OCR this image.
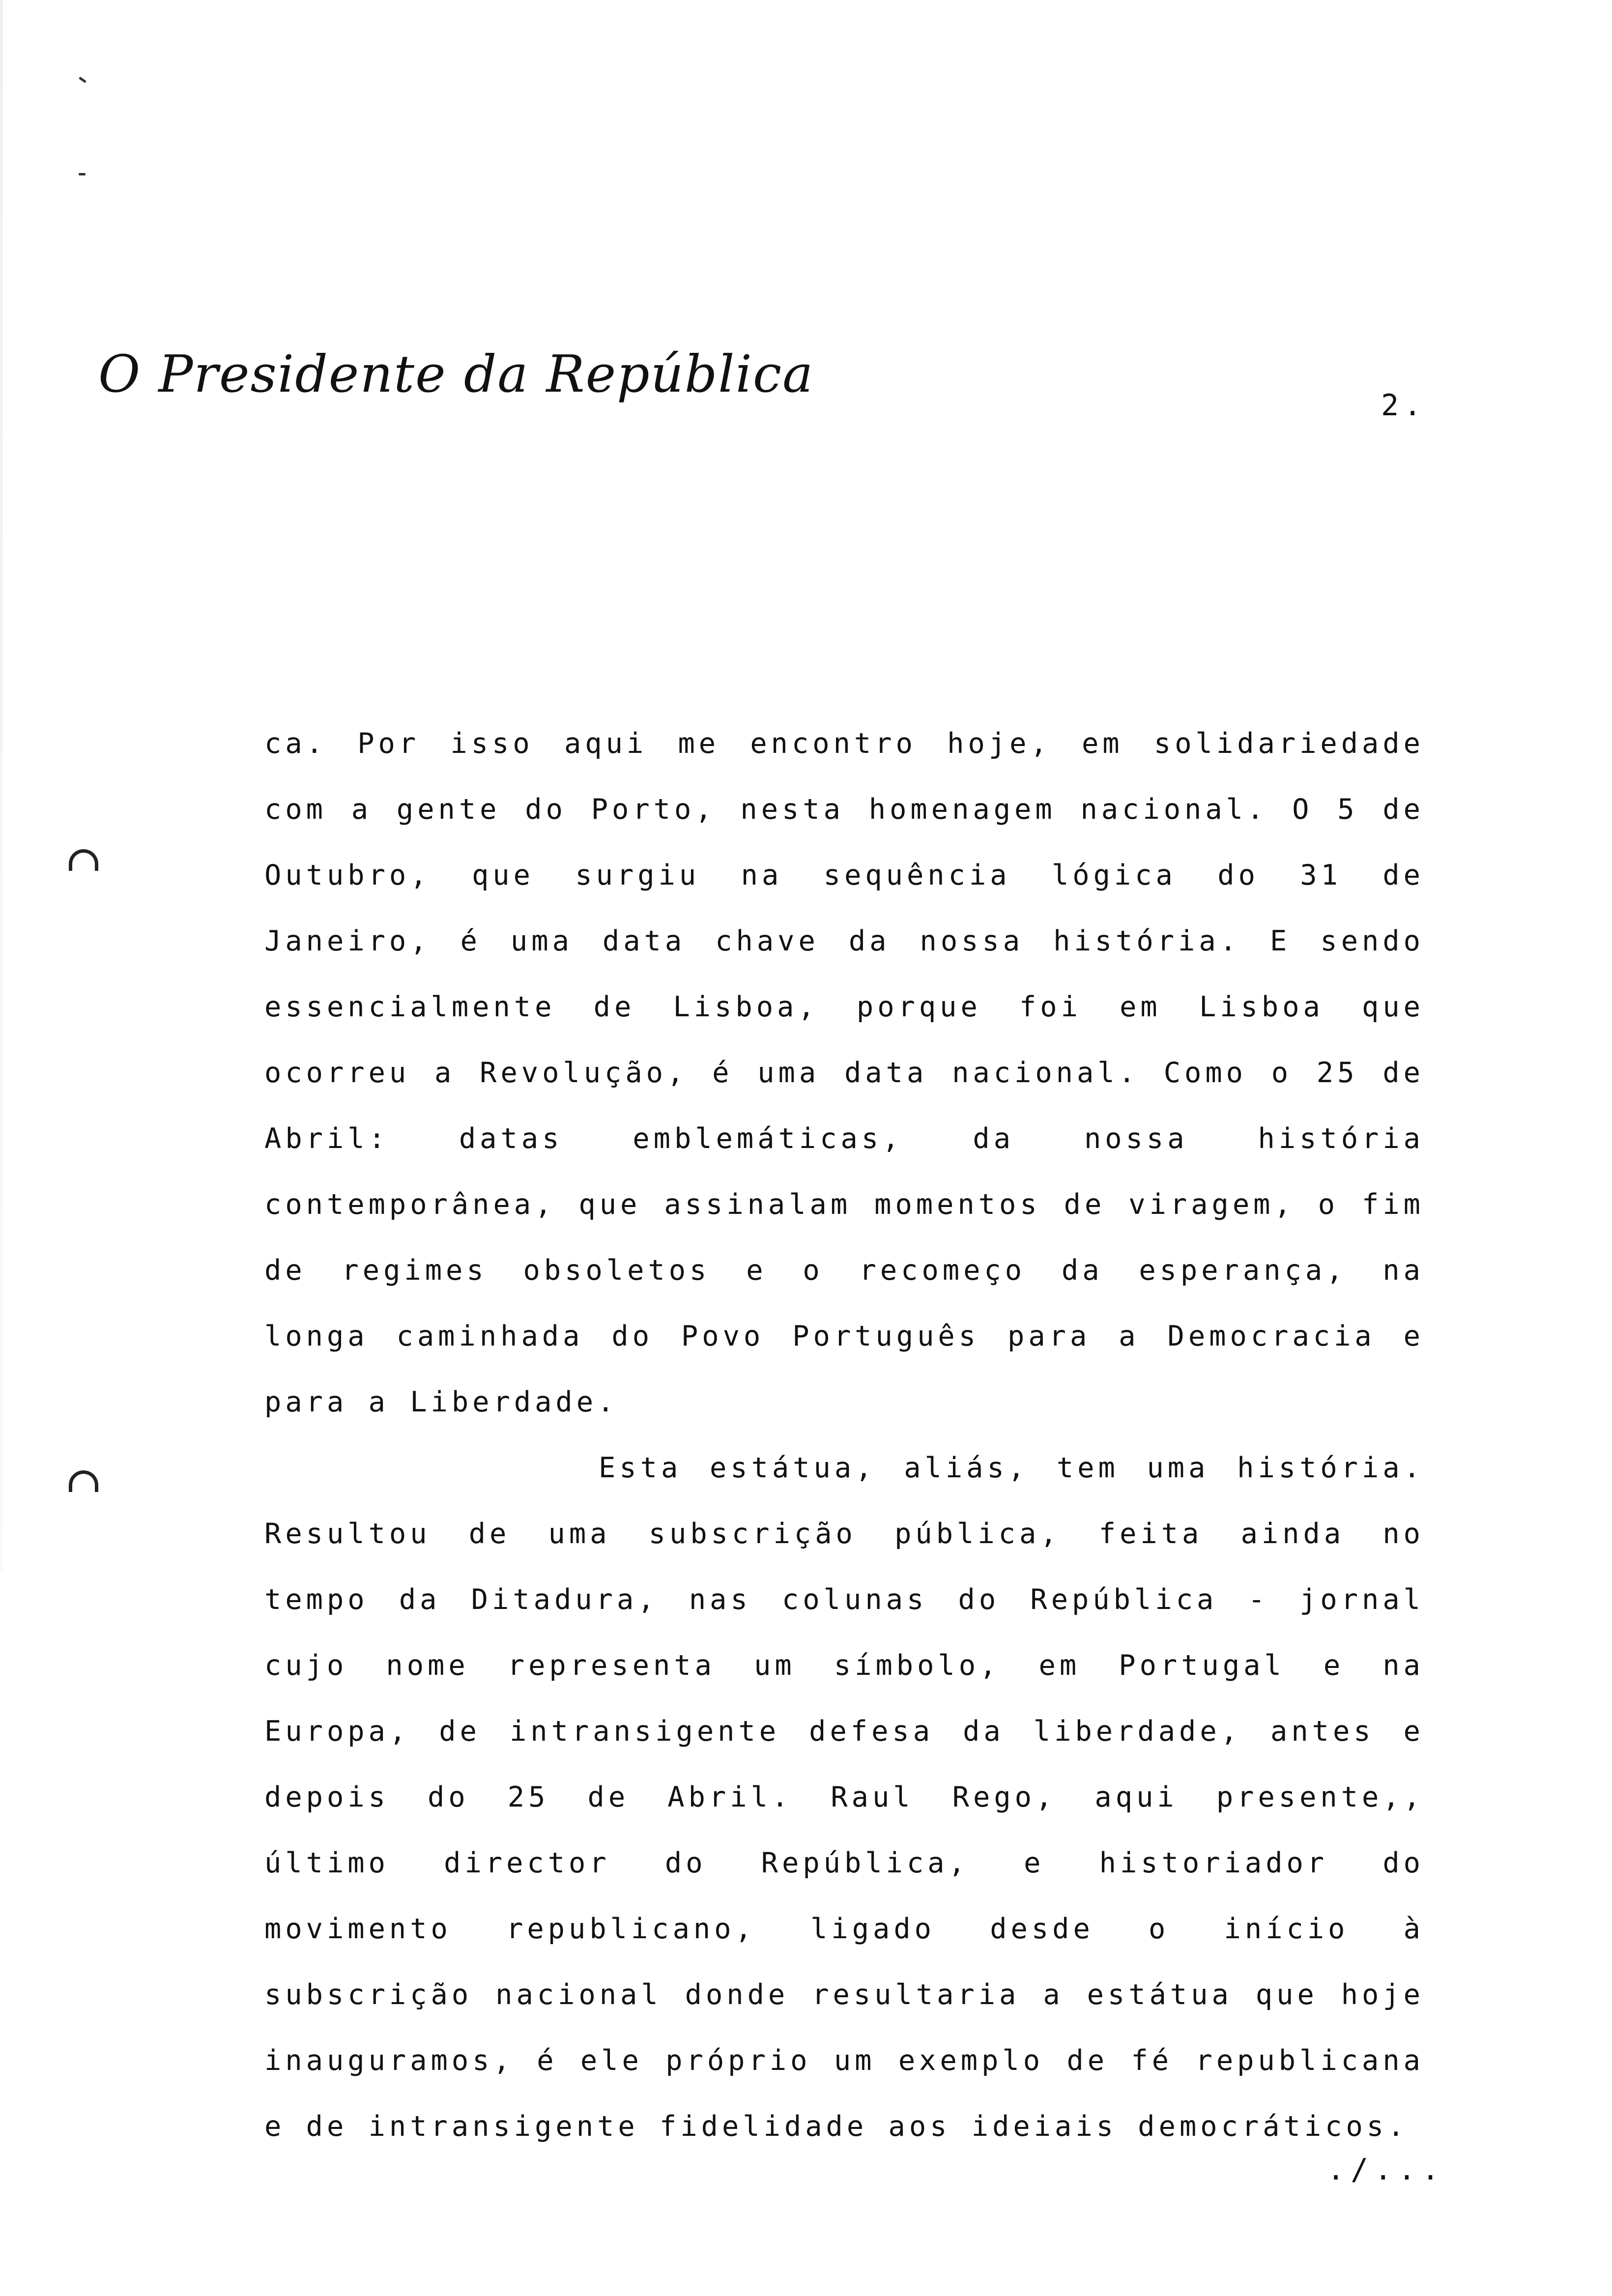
O Presidente da República
2.

ca. Por isso aqui me encontro hoje, em solidariedade com a gente do Porto, nesta homenagem nacional. O 5 de Outubro, que surgiu na sequência lógica do 31 de Janeiro, é uma data chave da nossa história. E sendo essencialmente de Lisboa, porque foi em Lisboa que ocorreu a Revolução, é uma data nacional. Como o 25 de Abril: datas emblemáticas, da nossa história contemporânea, que assinalam momentos de viragem, o fim de regimes obsoletos e o recomeço da esperança, na longa caminhada do Povo Português para a Democracia e para a Liberdade.

Esta estátua, aliás, tem uma história. Resultou de uma subscrição pública, feita ainda no tempo da Ditadura, nas colunas do República - jornal cujo nome representa um símbolo, em Portugal e na Europa, de intransigente defesa da liberdade, antes e depois do 25 de Abril. Raul Rego, aqui presente,, último director do República, e historiador do movimento republicano, ligado desde o início à subscrição nacional donde resultaria a estátua que hoje inauguramos, é ele próprio um exemplo de fé republicana e de intransigente fidelidade aos ideiais democráticos.

./...
